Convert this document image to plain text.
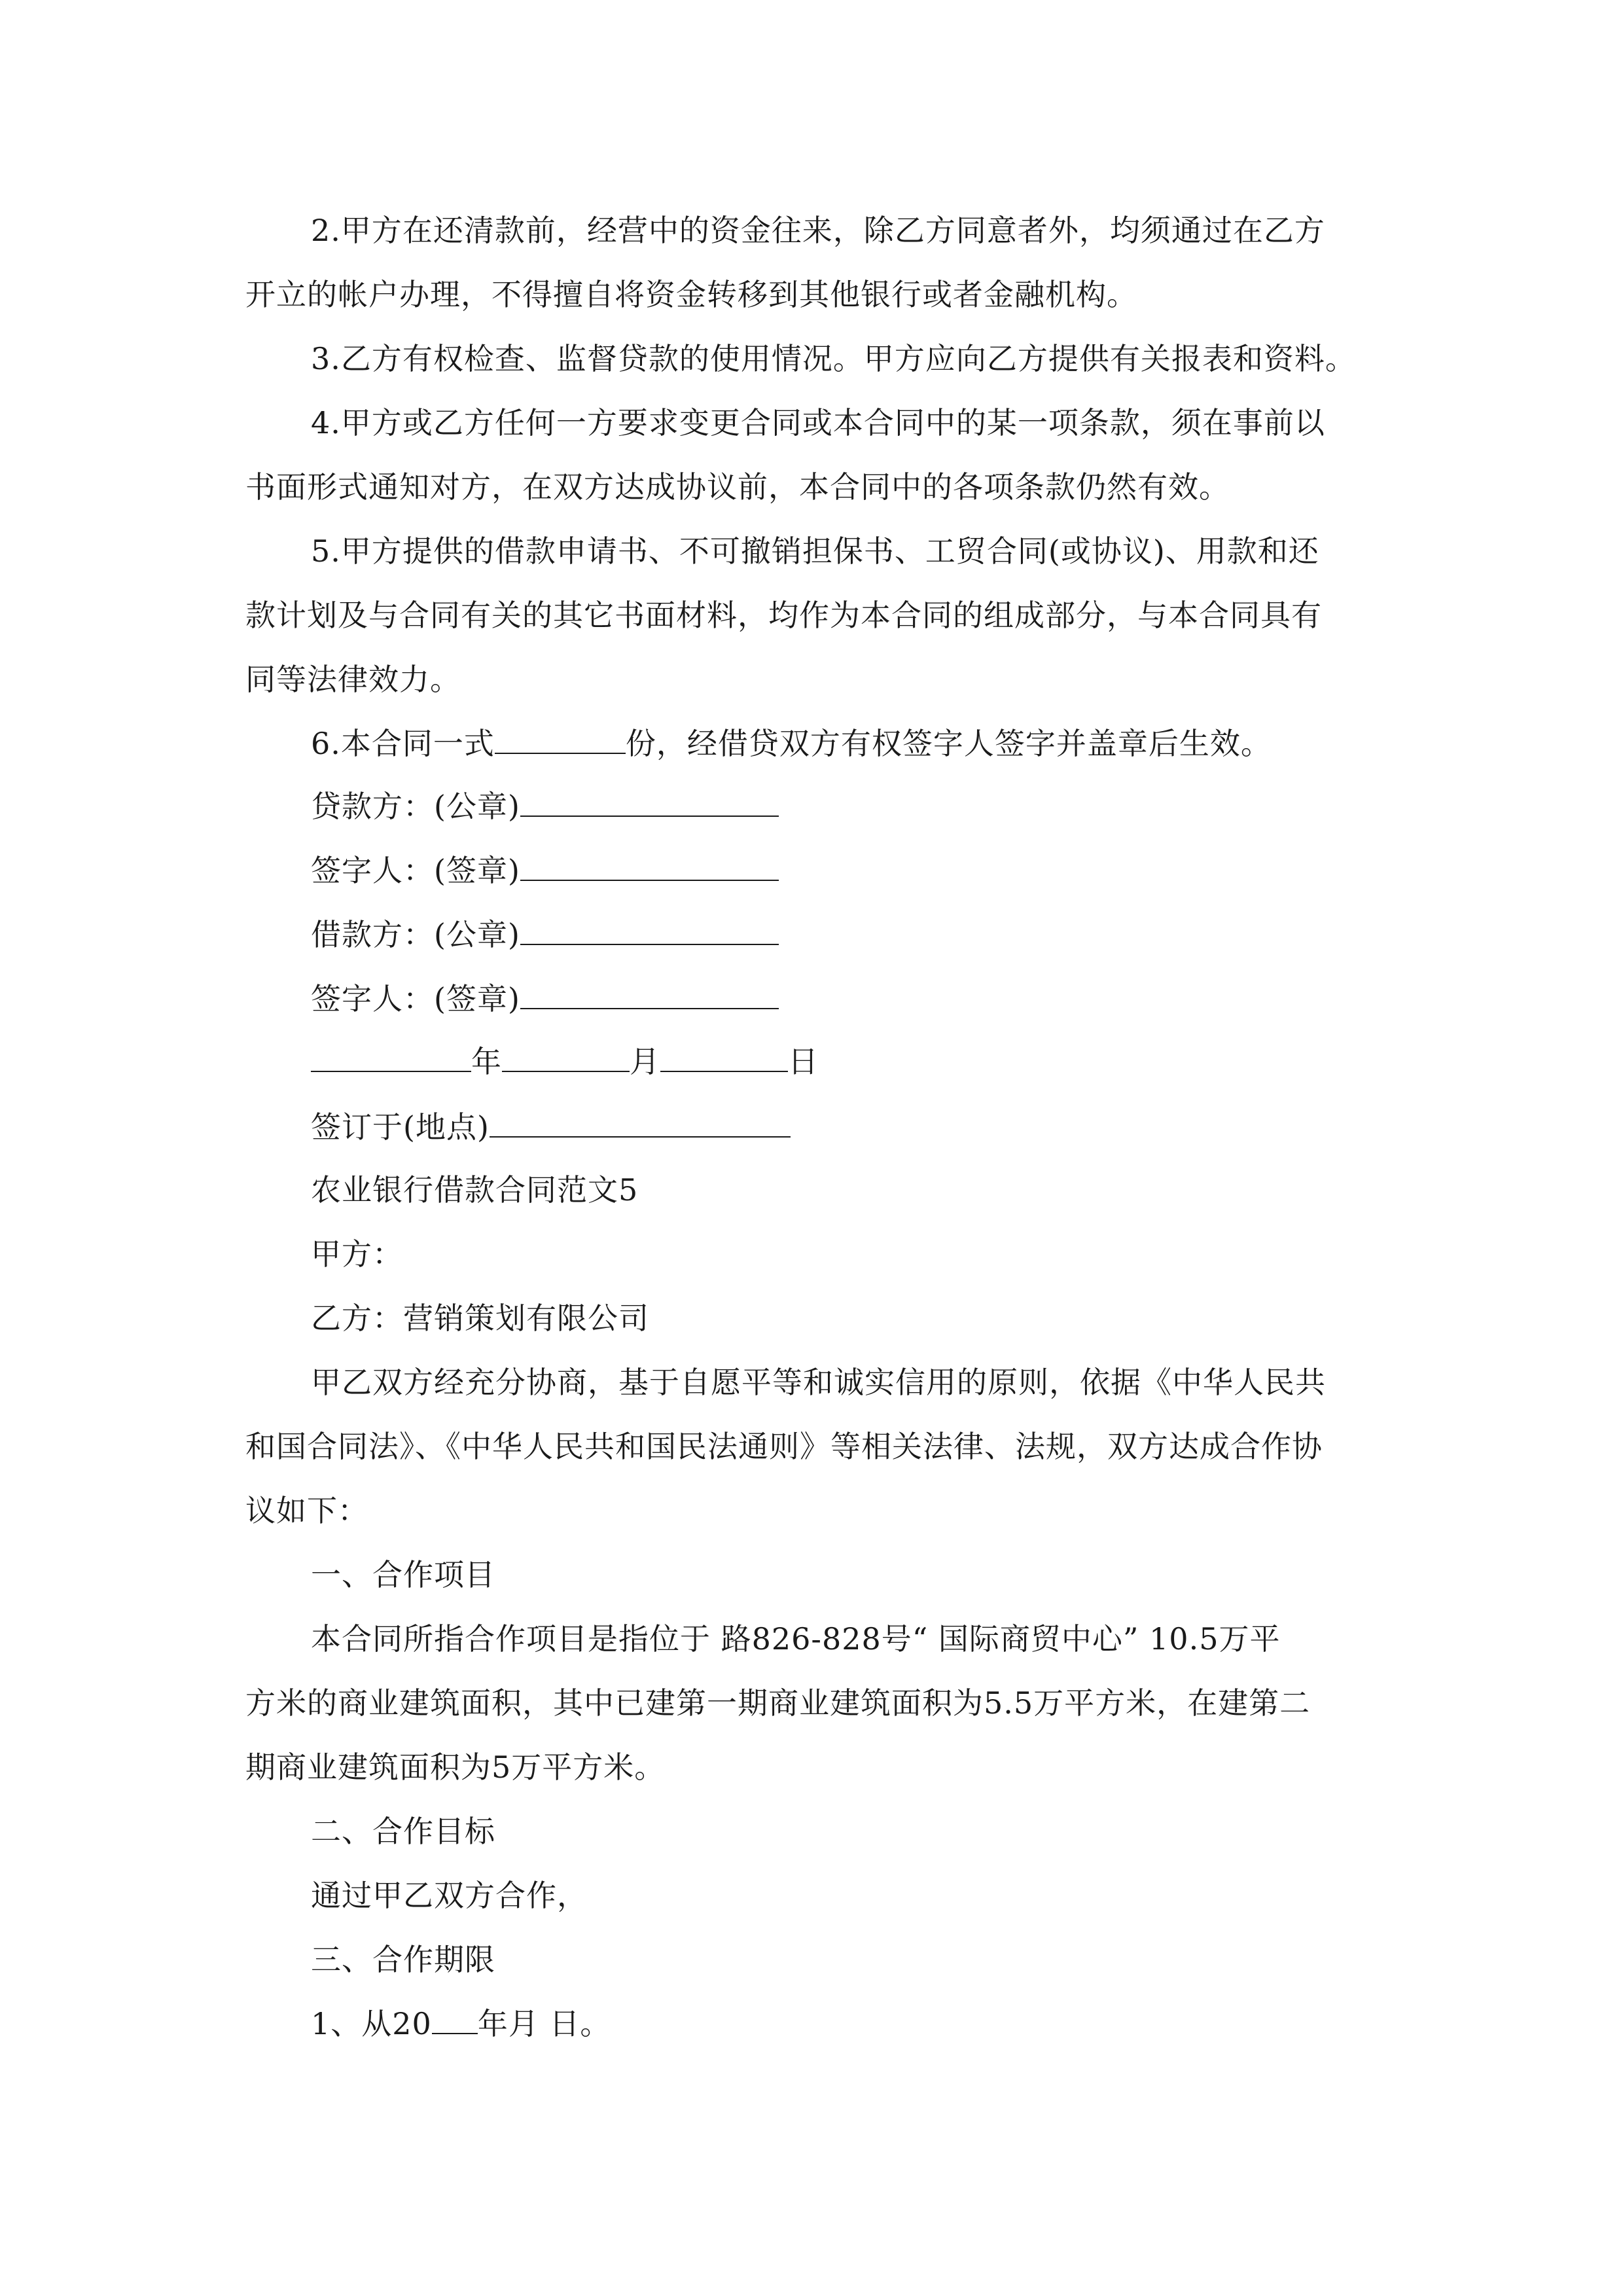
2.甲方在还清款前，经营中的资金往来，除乙方同意者外，均须通过在乙方
开立的帐户办理，不得擅自将资金转移到其他银行或者金融机构。
3.乙方有权检查、监督贷款的使用情况。甲方应向乙方提供有关报表和资料。
4.甲方或乙方任何一方要求变更合同或本合同中的某一项条款，须在事前以
书面形式通知对方，在双方达成协议前，本合同中的各项条款仍然有效。
5.甲方提供的借款申请书、不可撤销担保书、工贸合同(或协议)、用款和还
款计划及与合同有关的其它书面材料，均作为本合同的组成部分，与本合同具有
同等法律效力。
6.本合同一式	份，经借贷双方有权签字人签字并盖章后生效。
贷款方：(公章)
签字人：(签章)
借款方：(公章)
签字人：(签章)
年	月	日
签订于(地点)
农业银行借款合同范文5
甲方：
乙方：营销策划有限公司
甲乙双方经充分协商，基于自愿平等和诚实信用的原则，依据《中华人民共
和国合同法》、《中华人民共和国民法通则》等相关法律、法规，双方达成合作协
议如下：
一、合作项目
本合同所指合作项目是指位于 路826-828号“ 国际商贸中心” 10.5万平
方米的商业建筑面积，其中已建第一期商业建筑面积为5.5万平方米，在建第二
期商业建筑面积为5万平方米。
二、合作目标
通过甲乙双方合作，
三、合作期限
1、从20 年月 日。
